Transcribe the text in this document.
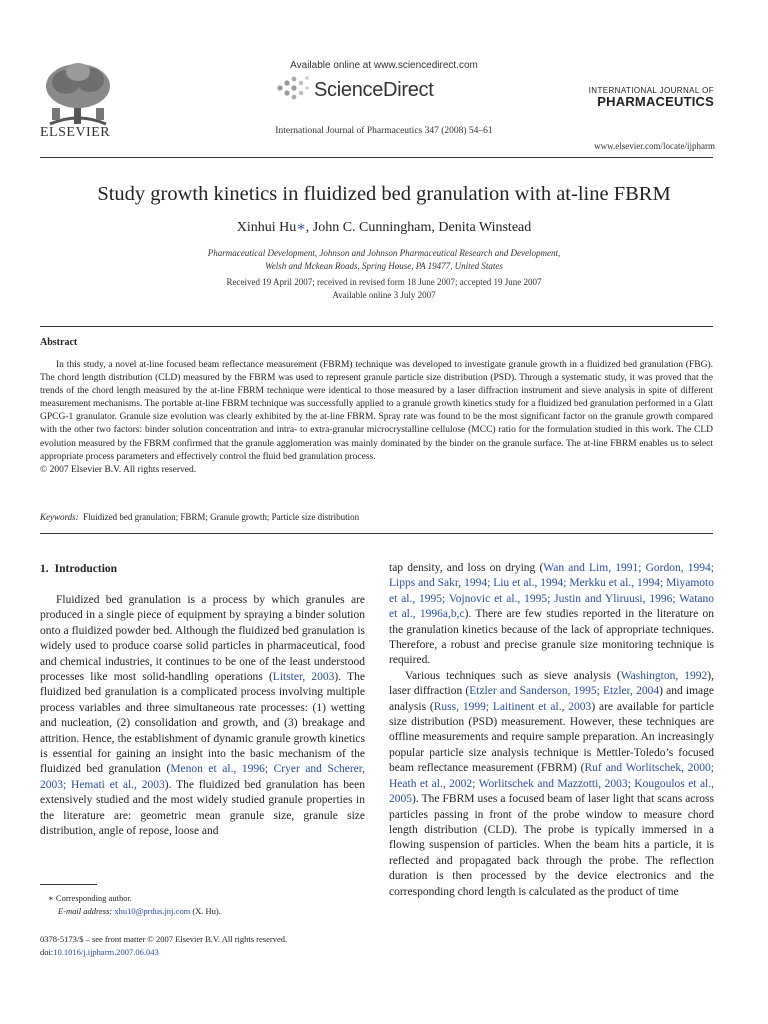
ELSEVIER
Available online at www.sciencedirect.com
ScienceDirect
International Journal of Pharmaceutics 347 (2008) 54–61
INTERNATIONAL JOURNAL OF
PHARMACEUTICS
www.elsevier.com/locate/ijpharm
Study growth kinetics in fluidized bed granulation with at-line FBRM
Xinhui Hu∗, John C. Cunningham, Denita Winstead
Pharmaceutical Development, Johnson and Johnson Pharmaceutical Research and Development,
Welsh and Mckean Roads, Spring House, PA 19477, United States
Received 19 April 2007; received in revised form 18 June 2007; accepted 19 June 2007
Available online 3 July 2007
Abstract
In this study, a novel at-line focused beam reflectance measurement (FBRM) technique was developed to investigate granule growth in a fluidized bed granulation (FBG). The chord length distribution (CLD) measured by the FBRM was used to represent granule particle size distribution (PSD). Through a systematic study, it was proved that the trends of the chord length measured by the at-line FBRM technique were identical to those measured by a laser diffraction instrument and sieve analysis in spite of different measurement mechanisms. The portable at-line FBRM technique was successfully applied to a granule growth kinetics study for a fluidized bed granulation performed in a Glatt GPCG-1 granulator. Granule size evolution was clearly exhibited by the at-line FBRM. Spray rate was found to be the most significant factor on the granule growth compared with the other two factors: binder solution concentration and intra- to extra-granular microcrystalline cellulose (MCC) ratio for the formulation studied in this work. The CLD evolution measured by the FBRM confirmed that the granule agglomeration was mainly dominated by the binder on the granule surface. The at-line FBRM enables us to select appropriate process parameters and effectively control the fluid bed granulation process.
© 2007 Elsevier B.V. All rights reserved.
Keywords: Fluidized bed granulation; FBRM; Granule growth; Particle size distribution
1. Introduction

Fluidized bed granulation is a process by which granules are produced in a single piece of equipment by spraying a binder solution onto a fluidized powder bed. Although the fluidized bed granulation is widely used to produce coarse solid particles in pharmaceutical, food and chemical industries, it continues to be one of the least understood processes like most solid-handling operations (Litster, 2003). The fluidized bed granulation is a complicated process involving multiple process variables and three simultaneous rate processes: (1) wetting and nucleation, (2) consolidation and growth, and (3) breakage and attrition. Hence, the establishment of dynamic granule growth kinetics is essential for gaining an insight into the basic mechanism of the fluidized bed granulation (Menon et al., 1996; Cryer and Scherer, 2003; Hemati et al., 2003). The fluidized bed granulation has been extensively studied and the most widely studied granule properties in the literature are: geometric mean granule size, granule size distribution, angle of repose, loose and

tap density, and loss on drying (Wan and Lim, 1991; Gordon, 1994; Lipps and Sakr, 1994; Liu et al., 1994; Merkku et al., 1994; Miyamoto et al., 1995; Vojnovic et al., 1995; Justin and Yliruusi, 1996; Watano et al., 1996a,b,c). There are few studies reported in the literature on the granulation kinetics because of the lack of appropriate techniques. Therefore, a robust and precise granule size monitoring technique is required.

Various techniques such as sieve analysis (Washington, 1992), laser diffraction (Etzler and Sanderson, 1995; Etzler, 2004) and image analysis (Russ, 1999; Laitinent et al., 2003) are available for particle size distribution (PSD) measurement. However, these techniques are offline measurements and require sample preparation. An increasingly popular particle size analysis technique is Mettler-Toledo’s focused beam reflectance measurement (FBRM) (Ruf and Worlitschek, 2000; Heath et al., 2002; Worlitschek and Mazzotti, 2003; Kougoulos et al., 2005). The FBRM uses a focused beam of laser light that scans across particles passing in front of the probe window to measure chord length distribution (CLD). The probe is typically immersed in a flowing suspension of particles. When the beam hits a particle, it is reflected and propagated back through the probe. The reflection duration is then processed by the device electronics and the corresponding chord length is calculated as the product of time

∗ Corresponding author.
E-mail address: xhu10@prdus.jnj.com (X. Hu).
0378-5173/$ – see front matter © 2007 Elsevier B.V. All rights reserved.
doi:10.1016/j.ijpharm.2007.06.043
